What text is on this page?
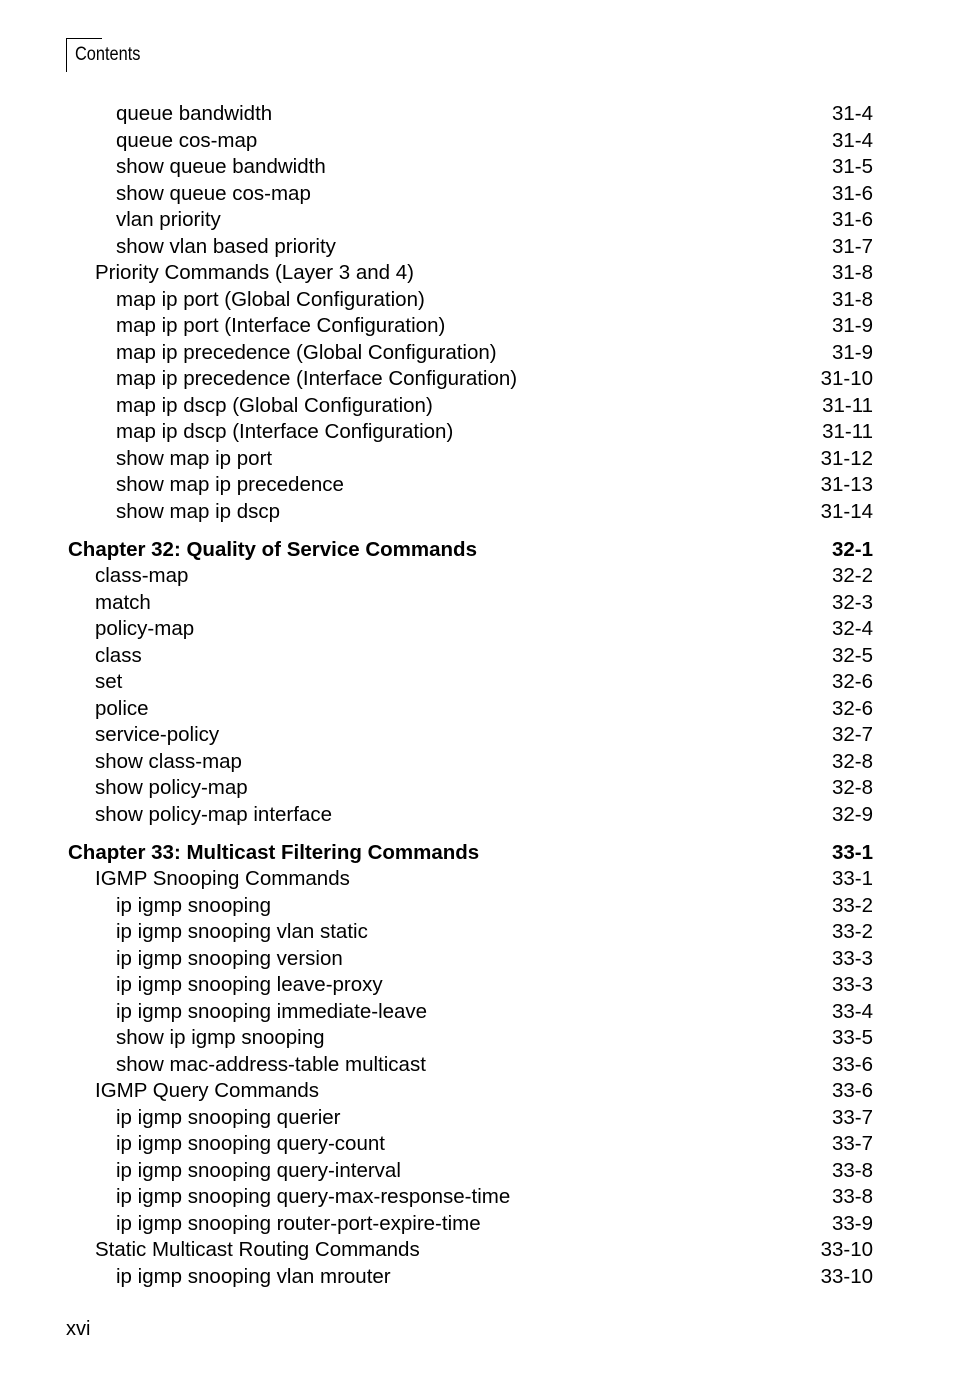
Contents
queue bandwidth	31-4
queue cos-map	31-4
show queue bandwidth	31-5
show queue cos-map	31-6
vlan priority	31-6
show vlan based priority	31-7
Priority Commands (Layer 3 and 4)	31-8
map ip port (Global Configuration)	31-8
map ip port (Interface Configuration)	31-9
map ip precedence (Global Configuration)	31-9
map ip precedence (Interface Configuration)	31-10
map ip dscp (Global Configuration)	31-11
map ip dscp (Interface Configuration)	31-11
show map ip port	31-12
show map ip precedence	31-13
show map ip dscp	31-14
Chapter 32: Quality of Service Commands	32-1
class-map	32-2
match	32-3
policy-map	32-4
class	32-5
set	32-6
police	32-6
service-policy	32-7
show class-map	32-8
show policy-map	32-8
show policy-map interface	32-9
Chapter 33: Multicast Filtering Commands	33-1
IGMP Snooping Commands	33-1
ip igmp snooping	33-2
ip igmp snooping vlan static	33-2
ip igmp snooping version	33-3
ip igmp snooping leave-proxy	33-3
ip igmp snooping immediate-leave	33-4
show ip igmp snooping	33-5
show mac-address-table multicast	33-6
IGMP Query Commands	33-6
ip igmp snooping querier	33-7
ip igmp snooping query-count	33-7
ip igmp snooping query-interval	33-8
ip igmp snooping query-max-response-time	33-8
ip igmp snooping router-port-expire-time	33-9
Static Multicast Routing Commands	33-10
ip igmp snooping vlan mrouter	33-10
xvi
